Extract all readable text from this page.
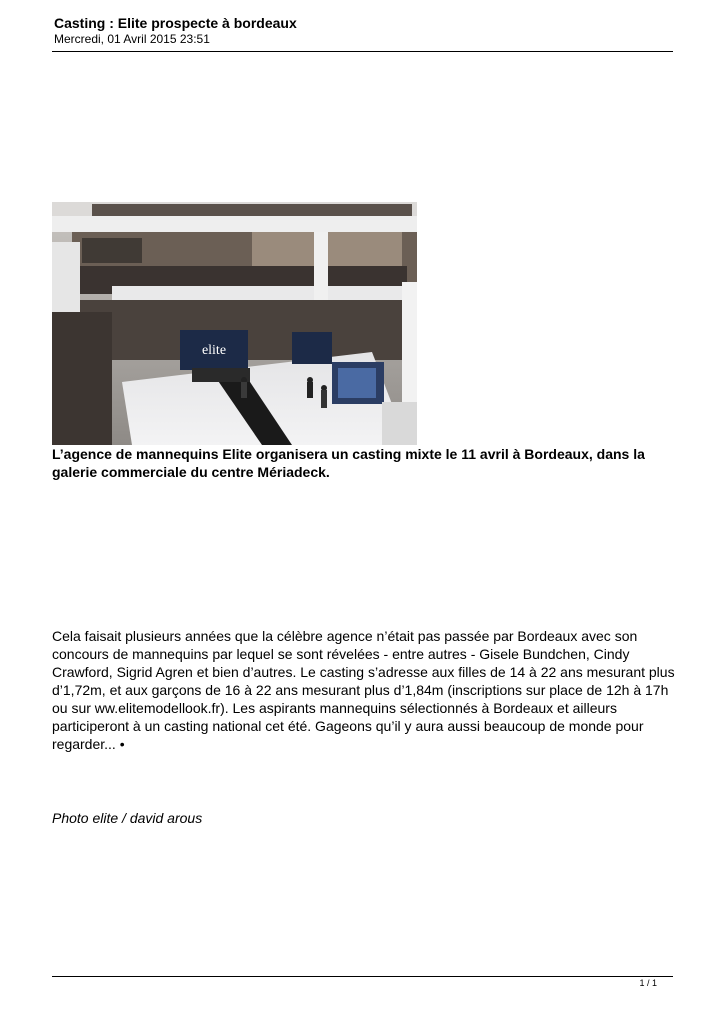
Casting : Elite prospecte à bordeaux
Mercredi, 01 Avril 2015 23:51
elite
L’agence de mannequins Elite organisera un casting mixte le 11 avril à Bordeaux, dans la galerie commerciale du centre Mériadeck.
Cela faisait plusieurs années que la célèbre agence n’était pas passée par Bordeaux avec son concours de mannequins par lequel se sont révelées - entre autres - Gisele Bundchen, Cindy Crawford, Sigrid Agren et bien d’autres. Le casting s’adresse aux filles de 14 à 22 ans mesurant plus d’1,72m, et aux garçons de 16 à 22 ans mesurant plus d’1,84m (inscriptions sur place de 12h à 17h ou sur ww.elitemodellook.fr). Les aspirants mannequins sélectionnés à Bordeaux et ailleurs participeront à un casting national cet été. Gageons qu’il y aura aussi beaucoup de monde pour regarder... •
Photo elite / david arous
1 / 1
